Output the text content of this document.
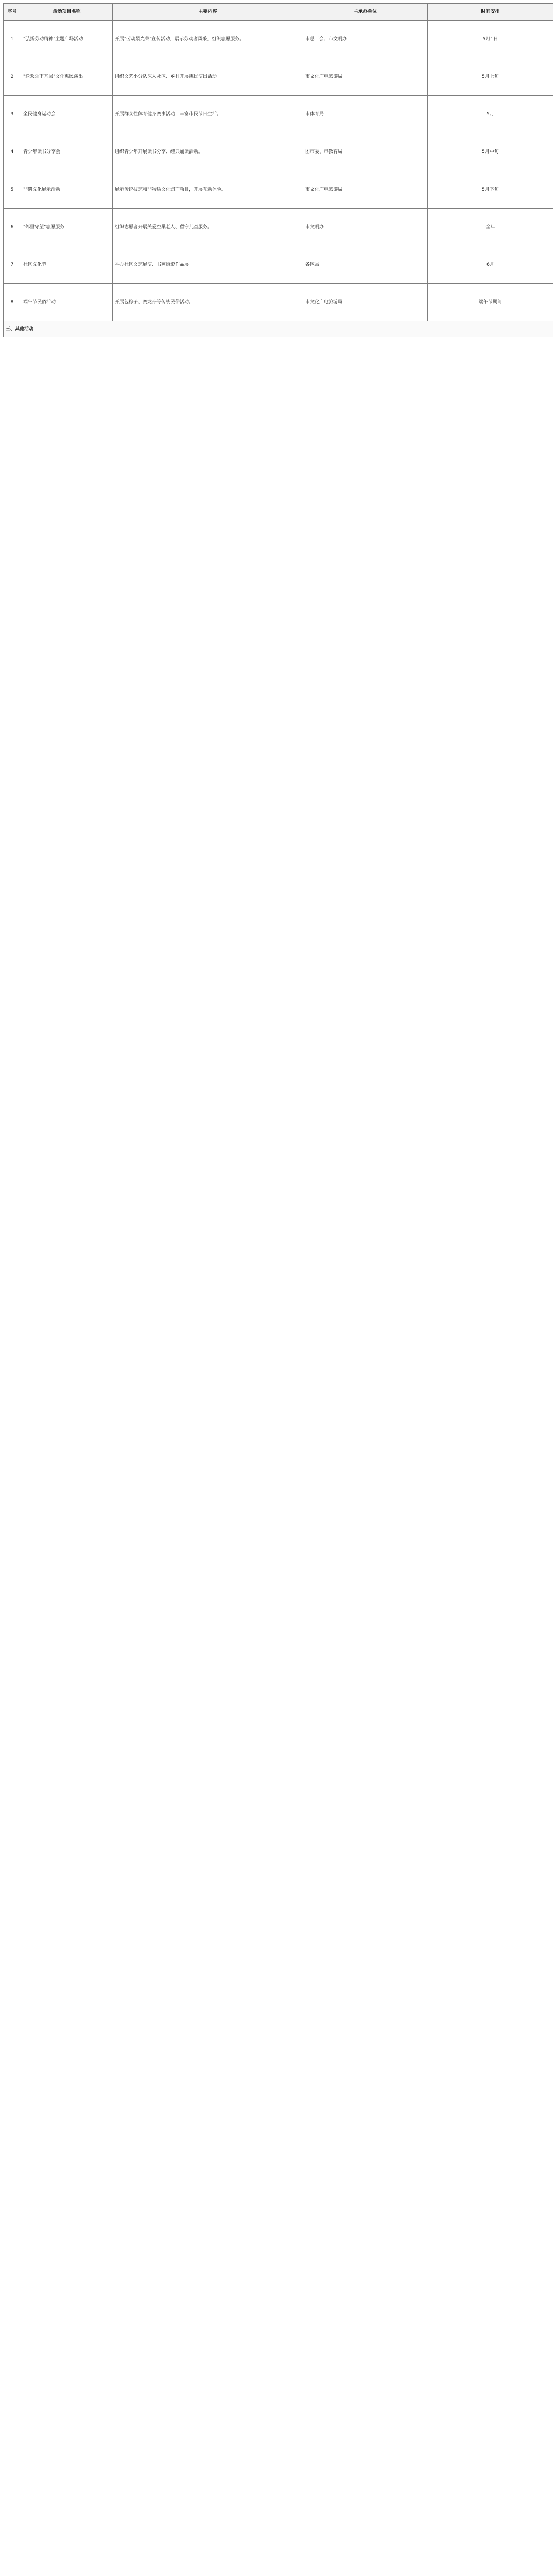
序号	活动项目名称	主要内容	主承办单位	时间安排
1	"弘扬劳动精神"主题广场活动	开展"劳动最光荣"宣传活动，展示劳动者风采，组织志愿服务。	市总工会、市文明办	5月1日
2	"送欢乐下基层"文化惠民演出	组织文艺小分队深入社区、乡村开展惠民演出活动。	市文化广电旅游局	5月上旬
3	全民健身运动会	开展群众性体育健身赛事活动，丰富市民节日生活。	市体育局	5月
4	青少年读书分享会	组织青少年开展读书分享、经典诵读活动。	团市委、市教育局	5月中旬
5	非遗文化展示活动	展示传统技艺和非物质文化遗产项目，开展互动体验。	市文化广电旅游局	5月下旬
6	"邻里守望"志愿服务	组织志愿者开展关爱空巢老人、留守儿童服务。	市文明办	全年
7	社区文化节	举办社区文艺展演、书画摄影作品展。	各区县	6月
8	端午节民俗活动	开展包粽子、赛龙舟等传统民俗活动。	市文化广电旅游局	端午节期间
三、其他活动				
